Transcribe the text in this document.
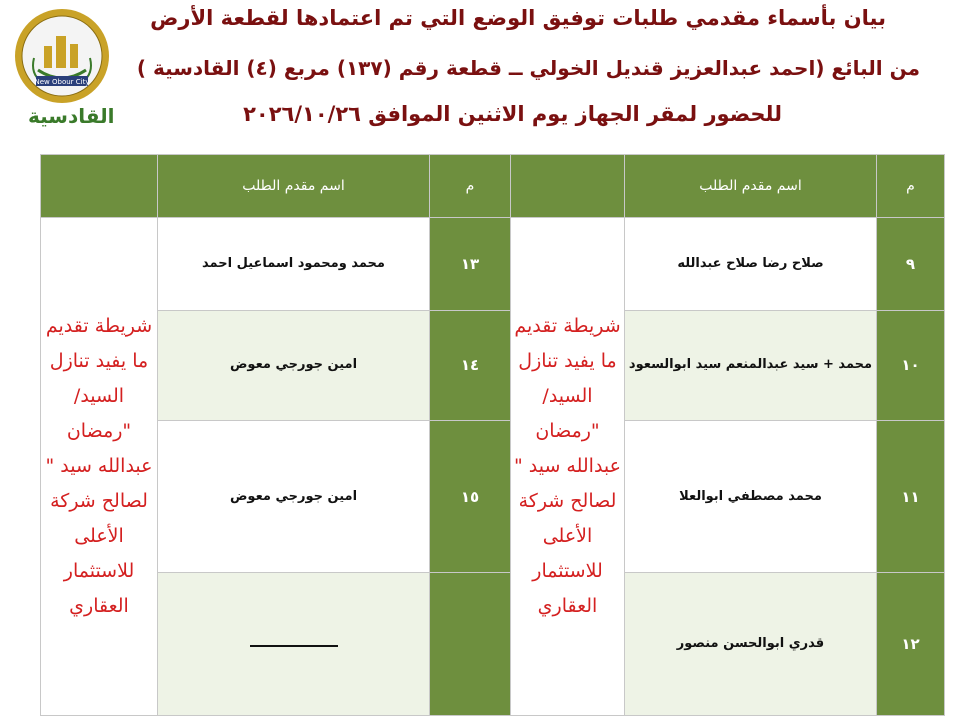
New Obour City
القادسية
بيان بأسماء مقدمي طلبات توفيق الوضع التي تم اعتمادها لقطعة الأرض
من البائع (احمد عبدالعزيز قنديل الخولي ــ قطعة رقم (١٣٧) مربع (٤) القادسية )
للحضور لمقر الجهاز يوم الاثنين الموافق ٢٠٢٦/١٠/٢٦
م	اسم مقدم الطلب		م	اسم مقدم الطلب	
٩	صلاح رضا صلاح عبدالله	شريطة تقديم ما يفيد تنازل السيد/ "رمضان عبدالله سيد " لصالح شركة الأعلى للاستثمار العقاري	١٣	محمد ومحمود اسماعيل احمد	شريطة تقديم ما يفيد تنازل السيد/ "رمضان عبدالله سيد " لصالح شركة الأعلى للاستثمار العقاري
١٠	محمد + سيد عبدالمنعم سيد ابوالسعود		١٤	امين جورجي معوض	
١١	محمد مصطفي ابوالعلا		١٥	امين جورجي معوض	
١٢	قدري ابوالحسن منصور				
